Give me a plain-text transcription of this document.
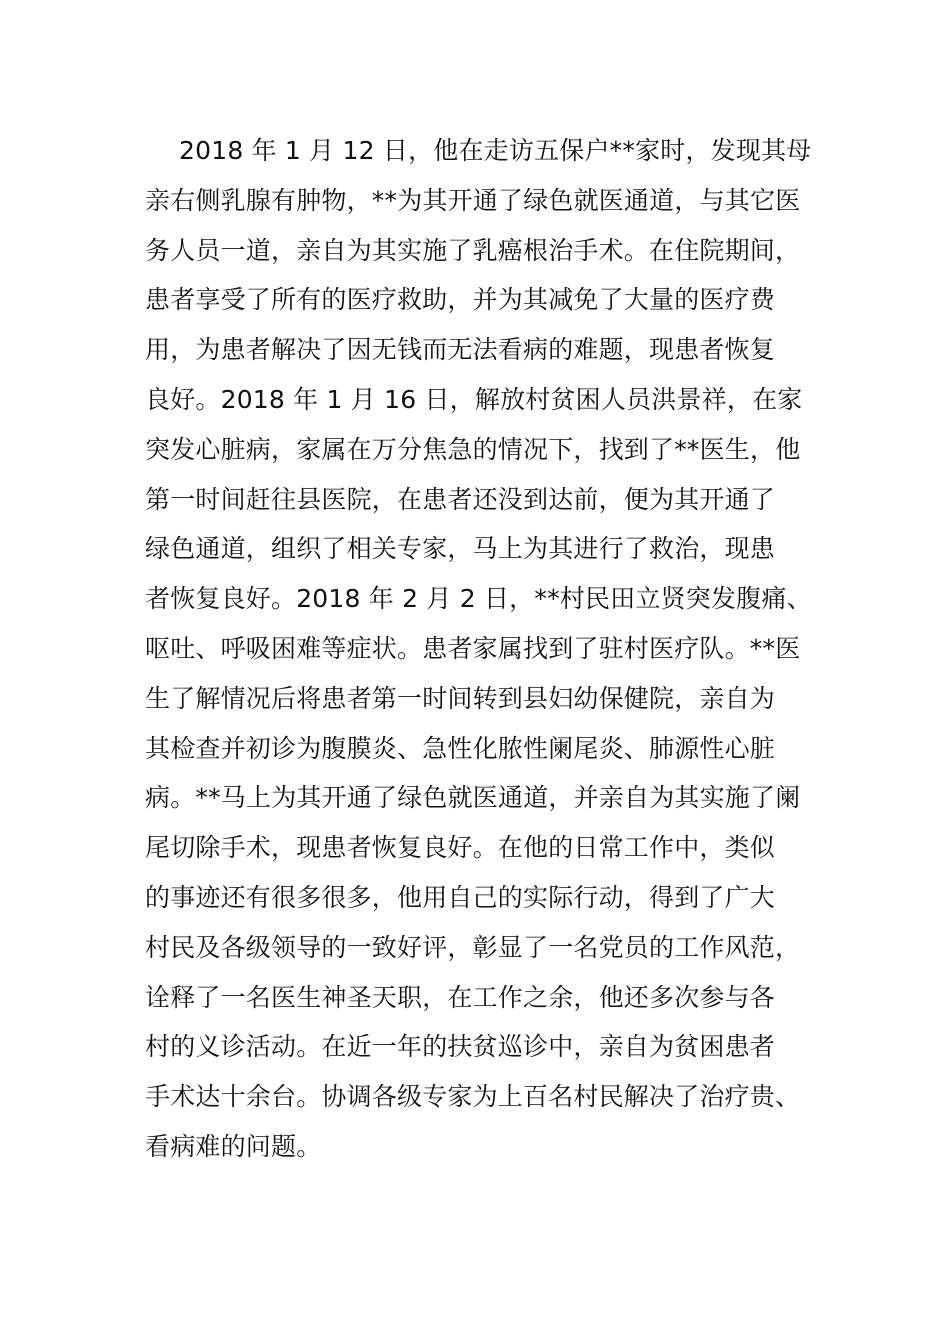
2018 年 1 月 12 日，他在走访五保户**家时，发现其母
亲右侧乳腺有肿物，**为其开通了绿色就医通道，与其它医
务人员一道，亲自为其实施了乳癌根治手术。在住院期间，
患者享受了所有的医疗救助，并为其减免了大量的医疗费
用，为患者解决了因无钱而无法看病的难题，现患者恢复
良好。2018 年 1 月 16 日，解放村贫困人员洪景祥，在家
突发心脏病，家属在万分焦急的情况下，找到了**医生，他
第一时间赶往县医院，在患者还没到达前，便为其开通了
绿色通道，组织了相关专家，马上为其进行了救治，现患
者恢复良好。2018 年 2 月 2 日，**村民田立贤突发腹痛、
呕吐、呼吸困难等症状。患者家属找到了驻村医疗队。**医
生了解情况后将患者第一时间转到县妇幼保健院，亲自为
其检查并初诊为腹膜炎、急性化脓性阑尾炎、肺源性心脏
病。**马上为其开通了绿色就医通道，并亲自为其实施了阑
尾切除手术，现患者恢复良好。在他的日常工作中，类似
的事迹还有很多很多，他用自己的实际行动，得到了广大
村民及各级领导的一致好评，彰显了一名党员的工作风范，
诠释了一名医生神圣天职，在工作之余，他还多次参与各
村的义诊活动。在近一年的扶贫巡诊中，亲自为贫困患者
手术达十余台。协调各级专家为上百名村民解决了治疗贵、
看病难的问题。
